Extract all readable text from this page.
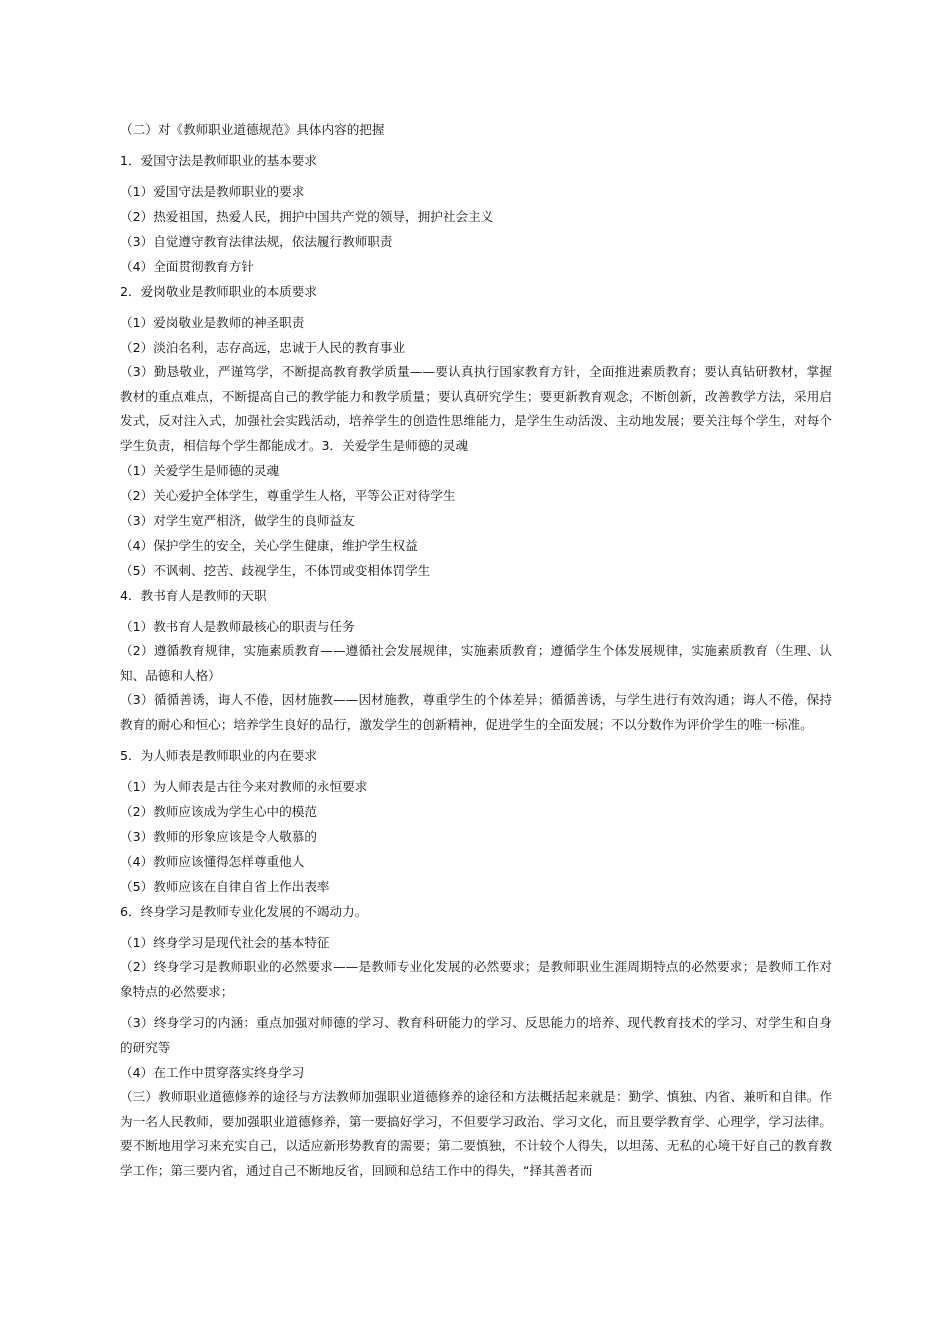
（二）对《教师职业道德规范》具体内容的把握

1．爱国守法是教师职业的基本要求

（1）爱国守法是教师职业的要求

（2）热爱祖国，热爱人民，拥护中国共产党的领导，拥护社会主义

（3）自觉遵守教育法律法规，依法履行教师职责

（4）全面贯彻教育方针

2．爱岗敬业是教师职业的本质要求

（1）爱岗敬业是教师的神圣职责

（2）淡泊名利，志存高远，忠诚于人民的教育事业

（3）勤恳敬业，严谨笃学，不断提高教育教学质量——要认真执行国家教育方针，全面推进素质教育；要认真钻研教材，掌握教材的重点难点，不断提高自己的教学能力和教学质量；要认真研究学生；要更新教育观念，不断创新，改善教学方法，采用启发式，反对注入式，加强社会实践活动，培养学生的创造性思维能力，是学生生动活泼、主动地发展；要关注每个学生，对每个学生负责，相信每个学生都能成才。3．关爱学生是师德的灵魂

（1）关爱学生是师德的灵魂

（2）关心爱护全体学生，尊重学生人格，平等公正对待学生

（3）对学生宽严相济，做学生的良师益友

（4）保护学生的安全，关心学生健康，维护学生权益

（5）不讽刺、挖苦、歧视学生，不体罚或变相体罚学生

4．教书育人是教师的天职

（1）教书育人是教师最核心的职责与任务

（2）遵循教育规律，实施素质教育——遵循社会发展规律，实施素质教育；遵循学生个体发展规律，实施素质教育（生理、认知、品德和人格）

（3）循循善诱，诲人不倦，因材施教——因材施教，尊重学生的个体差异；循循善诱，与学生进行有效沟通；诲人不倦，保持教育的耐心和恒心；培养学生良好的品行，激发学生的创新精神，促进学生的全面发展；不以分数作为评价学生的唯一标准。

5．为人师表是教师职业的内在要求

（1）为人师表是古往今来对教师的永恒要求

（2）教师应该成为学生心中的模范

（3）教师的形象应该是令人敬慕的

（4）教师应该懂得怎样尊重他人

（5）教师应该在自律自省上作出表率

6．终身学习是教师专业化发展的不竭动力。

（1）终身学习是现代社会的基本特征

（2）终身学习是教师职业的必然要求——是教师专业化发展的必然要求；是教师职业生涯周期特点的必然要求；是教师工作对象特点的必然要求；

（3）终身学习的内涵：重点加强对师德的学习、教育科研能力的学习、反思能力的培养、现代教育技术的学习、对学生和自身的研究等

（4）在工作中贯穿落实终身学习

（三）教师职业道德修养的途径与方法教师加强职业道德修养的途径和方法概括起来就是：勤学、慎独、内省、兼听和自律。作为一名人民教师，要加强职业道德修养，第一要搞好学习，不但要学习政治、学习文化，而且要学教育学、心理学，学习法律。要不断地用学习来充实自己，以适应新形势教育的需要；第二要慎独，不计较个人得失，以坦荡、无私的心境干好自己的教育教学工作；第三要内省，通过自己不断地反省，回顾和总结工作中的得失，“择其善者而
